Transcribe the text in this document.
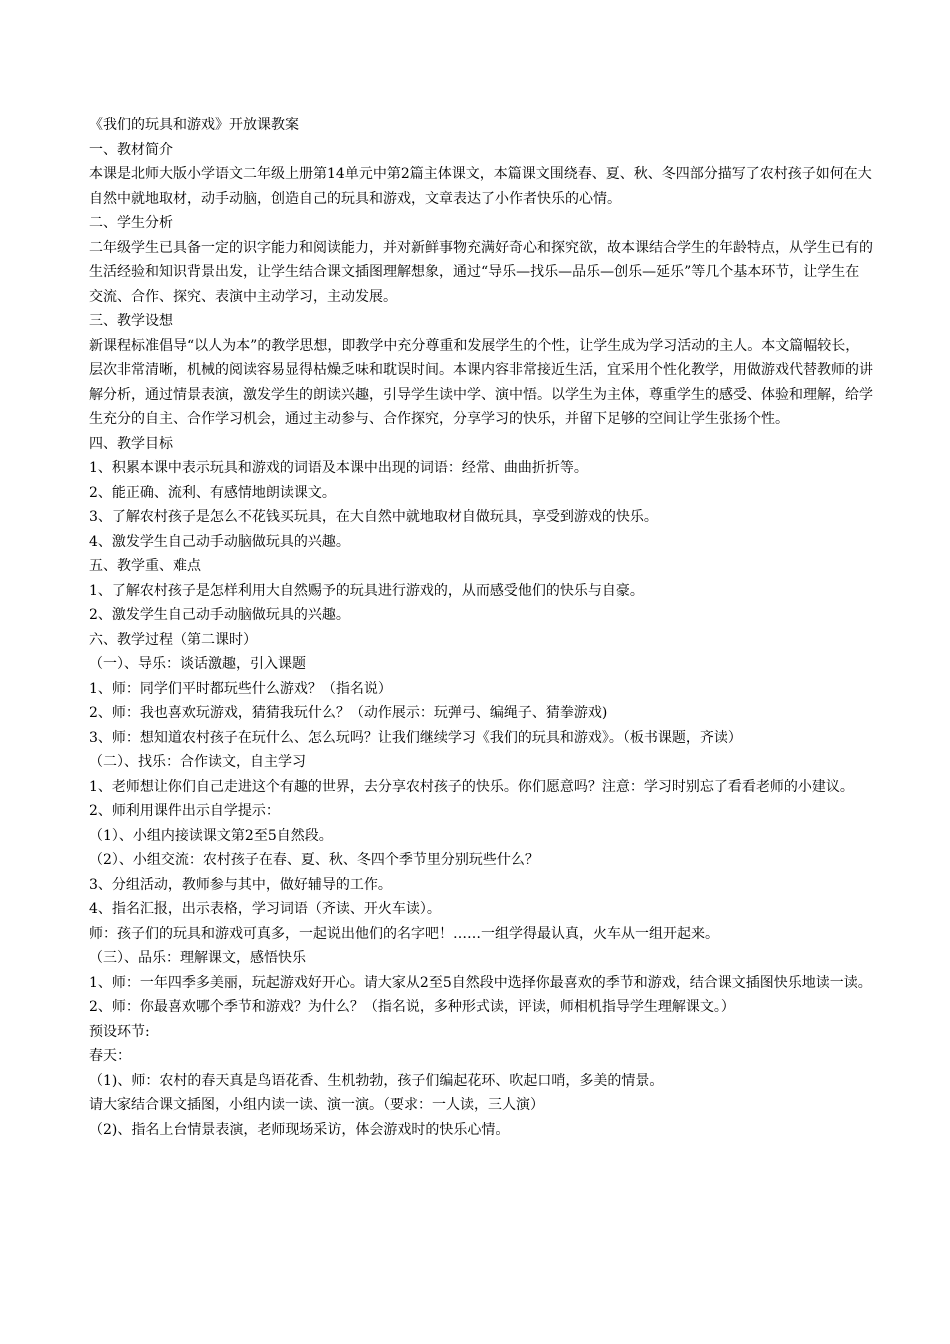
《我们的玩具和游戏》开放课教案

一、教材简介

本课是北师大版小学语文二年级上册第14单元中第2篇主体课文，本篇课文围绕春、夏、秋、冬四部分描写了农村孩子如何在大自然中就地取材，动手动脑，创造自己的玩具和游戏，文章表达了小作者快乐的心情。

二、学生分析

二年级学生已具备一定的识字能力和阅读能力，并对新鲜事物充满好奇心和探究欲，故本课结合学生的年龄特点，从学生已有的生活经验和知识背景出发，让学生结合课文插图理解想象，通过“导乐—找乐—品乐—创乐—延乐”等几个基本环节，让学生在交流、合作、探究、表演中主动学习，主动发展。

三、教学设想

新课程标准倡导“以人为本”的教学思想，即教学中充分尊重和发展学生的个性，让学生成为学习活动的主人。本文篇幅较长，层次非常清晰，机械的阅读容易显得枯燥乏味和耽误时间。本课内容非常接近生活，宜采用个性化教学，用做游戏代替教师的讲解分析，通过情景表演，激发学生的朗读兴趣，引导学生读中学、演中悟。以学生为主体，尊重学生的感受、体验和理解，给学生充分的自主、合作学习机会，通过主动参与、合作探究，分享学习的快乐，并留下足够的空间让学生张扬个性。

四、教学目标

1、积累本课中表示玩具和游戏的词语及本课中出现的词语：经常、曲曲折折等。

2、能正确、流利、有感情地朗读课文。

3、了解农村孩子是怎么不花钱买玩具，在大自然中就地取材自做玩具，享受到游戏的快乐。

4、激发学生自己动手动脑做玩具的兴趣。

五、教学重、难点

1、了解农村孩子是怎样利用大自然赐予的玩具进行游戏的，从而感受他们的快乐与自豪。

2、激发学生自己动手动脑做玩具的兴趣。

六、教学过程（第二课时）

（一）、导乐：谈话激趣，引入课题

1、师：同学们平时都玩些什么游戏？（指名说）

2、师：我也喜欢玩游戏，猜猜我玩什么？（动作展示：玩弹弓、编绳子、猜拳游戏)

3、师：想知道农村孩子在玩什么、怎么玩吗？让我们继续学习《我们的玩具和游戏》。（板书课题，齐读）

（二）、找乐：合作读文，自主学习

1、老师想让你们自己走进这个有趣的世界，去分享农村孩子的快乐。你们愿意吗？注意：学习时别忘了看看老师的小建议。

2、师利用课件出示自学提示：

（1）、小组内接读课文第2至5自然段。

（2）、小组交流：农村孩子在春、夏、秋、冬四个季节里分别玩些什么？

3、分组活动，教师参与其中，做好辅导的工作。

4、指名汇报，出示表格，学习词语（齐读、开火车读）。

师：孩子们的玩具和游戏可真多，一起说出他们的名字吧！……一组学得最认真，火车从一组开起来。

（三）、品乐：理解课文，感悟快乐

1、师：一年四季多美丽，玩起游戏好开心。请大家从2至5自然段中选择你最喜欢的季节和游戏，结合课文插图快乐地读一读。

2、师：你最喜欢哪个季节和游戏？为什么？（指名说，多种形式读，评读，师相机指导学生理解课文。）

预设环节:

春天：

（1)、师：农村的春天真是鸟语花香、生机勃勃，孩子们编起花环、吹起口哨，多美的情景。

请大家结合课文插图，小组内读一读、演一演。（要求：一人读，三人演）

（2)、指名上台情景表演，老师现场采访，体会游戏时的快乐心情。
